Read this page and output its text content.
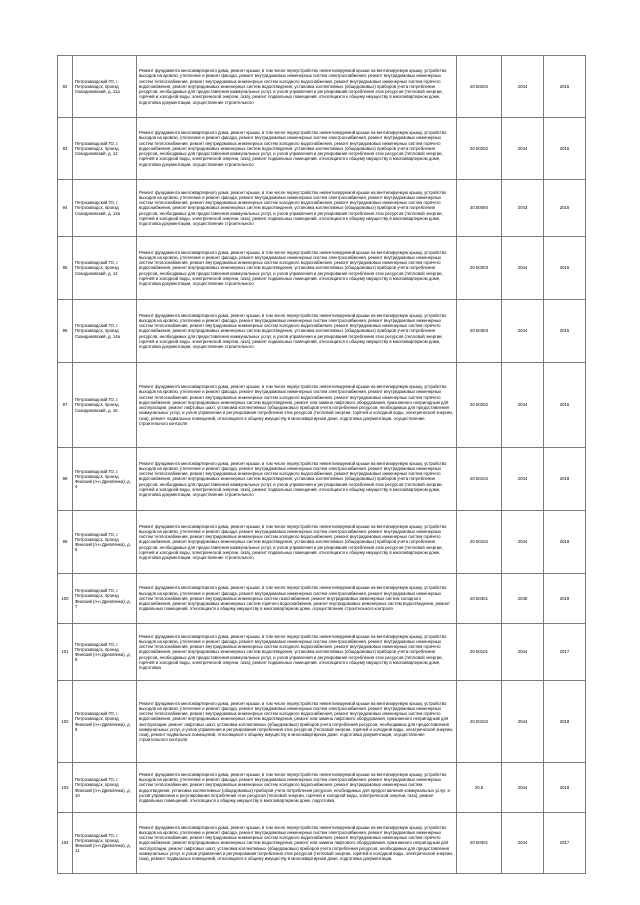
92	Петрозаводский ГО, г. Петрозаводск, проезд Скандинавский, д. 11а	Ремонт фундамента многоквартирного дома, ремонт крыши, в том числе переустройство невентилируемой крыши на вентилируемую крышу, устройство выходов на кровлю, утепление и ремонт фасада, ремонт внутридомовых инженерных систем электроснабжения, ремонт внутридомовых инженерных систем теплоснабжения, ремонт внутридомовых инженерных систем холодного водоснабжения, ремонт внутридомовых инженерных систем горячего водоснабжения, ремонт внутридомовых инженерных систем водоотведения, установка коллективных (общедомовых) приборов учета потребления ресурсов, необходимых для предоставления коммунальных услуг, и узлов управления и регулирования потребления этих ресурсов (тепловой энергии, горячей и холодной воды, электрической энергии, газа), ремонт подвальных помещений, относящихся к общему имуществу в многоквартирном доме, подготовка документации, осуществление строительного	20.50202	2044	2016
93	Петрозаводский ГО, г. Петрозаводск, проезд Скандинавский, д. 12	Ремонт фундамента многоквартирного дома, ремонт крыши, в том числе переустройство невентилируемой крыши на вентилируемую крышу, устройство выходов на кровлю, утепление и ремонт фасада, ремонт внутридомовых инженерных систем электроснабжения, ремонт внутридомовых инженерных систем теплоснабжения, ремонт внутридомовых инженерных систем холодного водоснабжения, ремонт внутридомовых инженерных систем горячего водоснабжения, ремонт внутридомовых инженерных систем водоотведения, установка коллективных (общедомовых) приборов учета потребления ресурсов, необходимых для предоставления коммунальных услуг, и узлов управления и регулирования потребления этих ресурсов (тепловой энергии, горячей и холодной воды, электрической энергии, газа), ремонт подвальных помещений, относящихся к общему имуществу в многоквартирном доме, подготовка документации, осуществление строительного	20.50202	2044	2016
94	Петрозаводский ГО, г. Петрозаводск, проезд Скандинавский, д. 12а	Ремонт фундамента многоквартирного дома, ремонт крыши, в том числе переустройство невентилируемой крыши на вентилируемую крышу, устройство выходов на кровлю, утепление и ремонт фасада, ремонт внутридомовых инженерных систем электроснабжения, ремонт внутридомовых инженерных систем теплоснабжения, ремонт внутридомовых инженерных систем холодного водоснабжения, ремонт внутридомовых инженерных систем горячего водоснабжения, ремонт внутридомовых инженерных систем водоотведения, установка коллективных (общедомовых) приборов учета потребления ресурсов, необходимых для предоставления коммунальных услуг, и узлов управления и регулирования потребления этих ресурсов (тепловой энергии, горячей и холодной воды, электрической энергии, газа), ремонт подвальных помещений, относящихся к общему имуществу в многоквартирном доме, подготовка документации, осуществление строительного	20.50094	2043	2016
95	Петрозаводский ГО, г. Петрозаводск, проезд Скандинавский, д. 14	Ремонт фундамента многоквартирного дома, ремонт крыши, в том числе переустройство невентилируемой крыши на вентилируемую крышу, устройство выходов на кровлю, утепление и ремонт фасада, ремонт внутридомовых инженерных систем электроснабжения, ремонт внутридомовых инженерных систем теплоснабжения, ремонт внутридомовых инженерных систем холодного водоснабжения, ремонт внутридомовых инженерных систем горячего водоснабжения, ремонт внутридомовых инженерных систем водоотведения, установка коллективных (общедомовых) приборов учета потребления ресурсов, необходимых для предоставления коммунальных услуг, и узлов управления и регулирования потребления этих ресурсов (тепловой энергии, горячей и холодной воды, электрической энергии, газа), ремонт подвальных помещений, относящихся к общему имуществу в многоквартирном доме, подготовка документации, осуществление строительного	20.50303	2044	2016
96	Петрозаводский ГО, г. Петрозаводск, проезд Скандинавский, д. 14а	Ремонт фундамента многоквартирного дома, ремонт крыши, в том числе переустройство невентилируемой крыши на вентилируемую крышу, устройство выходов на кровлю, утепление и ремонт фасада, ремонт внутридомовых инженерных систем электроснабжения, ремонт внутридомовых инженерных систем теплоснабжения, ремонт внутридомовых инженерных систем холодного водоснабжения, ремонт внутридомовых инженерных систем горячего водоснабжения, ремонт внутридомовых инженерных систем водоотведения, установка коллективных (общедомовых) приборов учета потребления ресурсов, необходимых для предоставления коммунальных услуг, и узлов управления и регулирования потребления этих ресурсов (тепловой энергии, горячей и холодной воды, электрической энергии, газа), ремонт подвальных помещений, относящихся к общему имуществу в многоквартирном доме, подготовка документации, осуществление строительного	20.50303	2044	2016
97	Петрозаводский ГО, г. Петрозаводск, проезд Скандинавский, д. 16	Ремонт фундамента многоквартирного дома, ремонт крыши, в том числе переустройство невентилируемой крыши на вентилируемую крышу, устройство выходов на кровлю, утепление и ремонт фасада, ремонт внутридомовых инженерных систем электроснабжения, ремонт внутридомовых инженерных систем теплоснабжения, ремонт внутридомовых инженерных систем холодного водоснабжения, ремонт внутридомовых инженерных систем горячего водоснабжения, ремонт внутридомовых инженерных систем водоотведения, ремонт или замена лифтового оборудования, признанного непригодным для эксплуатации, ремонт лифтовых шахт, установка коллективных (общедомовых) приборов учета потребления ресурсов, необходимых для предоставления коммунальных услуг, и узлов управления и регулирования потребления этих ресурсов (тепловой энергии, горячей и холодной воды, электрической энергии, газа), ремонт подвальных помещений, относящихся к общему имуществу в многоквартирном доме, подготовка документации, осуществление строительного контроля	20.50202	2044	2016
98	Петрозаводский ГО, г. Петрозаводск, проезд Финский (п-н Древлянка), д. 4	Ремонт фундамента многоквартирного дома, ремонт крыши, в том числе переустройство невентилируемой крыши на вентилируемую крышу, устройство выходов на кровлю, утепление и ремонт фасада, ремонт внутридомовых инженерных систем электроснабжения, ремонт внутридомовых инженерных систем теплоснабжения, ремонт внутридомовых инженерных систем холодного водоснабжения, ремонт внутридомовых инженерных систем горячего водоснабжения, ремонт внутридомовых инженерных систем водоотведения, установка коллективных (общедомовых) приборов учета потребления ресурсов, необходимых для предоставления коммунальных услуг, и узлов управления и регулирования потребления этих ресурсов (тепловой энергии, горячей и холодной воды, электрической энергии, газа), ремонт подвальных помещений, относящихся к общему имуществу в многоквартирном доме, подготовка документации, осуществление строительного	20.50102	2044	2018
99	Петрозаводский ГО, г. Петрозаводск, проезд Финский (п-н Древлянка), д. 6	Ремонт фундамента многоквартирного дома, ремонт крыши, в том числе переустройство невентилируемой крыши на вентилируемую крышу, устройство выходов на кровлю, утепление и ремонт фасада, ремонт внутридомовых инженерных систем электроснабжения, ремонт внутридомовых инженерных систем теплоснабжения, ремонт внутридомовых инженерных систем холодного водоснабжения, ремонт внутридомовых инженерных систем горячего водоснабжения, ремонт внутридомовых инженерных систем водоотведения, установка коллективных (общедомовых) приборов учета потребления ресурсов, необходимых для предоставления коммунальных услуг, и узлов управления и регулирования потребления этих ресурсов (тепловой энергии, горячей и холодной воды, электрической энергии, газа), ремонт подвальных помещений, относящихся к общему имуществу в многоквартирном доме, подготовка документации, осуществление строительного	20.50102	2044	2018
100	Петрозаводский ГО, г. Петрозаводск, проезд Финский (п-н Древлянка), д. 7	Ремонт фундамента многоквартирного дома, ремонт крыши, в том числе переустройство невентилируемой крыши на вентилируемую крышу, устройство выходов на кровлю, утепление и ремонт фасада, ремонт внутридомовых инженерных систем электроснабжения, ремонт внутридомовых инженерных систем теплоснабжения, ремонт внутридомовых инженерных систем газоснабжения, ремонт внутридомовых инженерных систем холодного водоснабжения, ремонт внутридомовых инженерных систем горячего водоснабжения, ремонт внутридомовых инженерных систем водоотведения, ремонт подвальных помещений, относящихся к общему имуществу в многоквартирном доме, осуществление строительного контроля	20.50301	2045	2019
101	Петрозаводский ГО, г. Петрозаводск, проезд Финский (п-н Древлянка), д. 8	Ремонт фундамента многоквартирного дома, ремонт крыши, в том числе переустройство невентилируемой крыши на вентилируемую крышу, устройство выходов на кровлю, утепление и ремонт фасада, ремонт внутридомовых инженерных систем электроснабжения, ремонт внутридомовых инженерных систем теплоснабжения, ремонт внутридомовых инженерных систем холодного водоснабжения, ремонт внутридомовых инженерных систем горячего водоснабжения, ремонт внутридомовых инженерных систем водоотведения, установка коллективных (общедомовых) приборов учета потребления ресурсов, необходимых для предоставления коммунальных услуг, и узлов управления и регулирования потребления этих ресурсов (тепловой энергии, горячей и холодной воды, электрической энергии, газа), ремонт подвальных помещений, относящихся к общему имуществу в многоквартирном доме, подготовка	20.50101	2044	2017
102	Петрозаводский ГО, г. Петрозаводск, проезд Финский (п-н Древлянка), д. 9	Ремонт фундамента многоквартирного дома, ремонт крыши, в том числе переустройство невентилируемой крыши на вентилируемую крышу, устройство выходов на кровлю, утепление и ремонт фасада, ремонт внутридомовых инженерных систем электроснабжения, ремонт внутридомовых инженерных систем теплоснабжения, ремонт внутридомовых инженерных систем холодного водоснабжения, ремонт внутридомовых инженерных систем горячего водоснабжения, ремонт внутридомовых инженерных систем водоотведения, ремонт или замена лифтового оборудования, признанного непригодным для эксплуатации, ремонт лифтовых шахт, установка коллективных (общедомовых) приборов учета потребления ресурсов, необходимых для предоставления коммунальных услуг, и узлов управления и регулирования потребления этих ресурсов (тепловой энергии, горячей и холодной воды, электрической энергии, газа), ремонт подвальных помещений, относящихся к общему имуществу в многоквартирном доме, подготовка документации, осуществление строительного контроля	20.50102	2044	2018
103	Петрозаводский ГО, г. Петрозаводск, проезд Финский (п-н Древлянка), д. 10	Ремонт фундамента многоквартирного дома, ремонт крыши, в том числе переустройство невентилируемой крыши на вентилируемую крышу, устройство выходов на кровлю, утепление и ремонт фасада, ремонт внутридомовых инженерных систем электроснабжения, ремонт внутридомовых инженерных систем теплоснабжения, ремонт внутридомовых инженерных систем холодного водоснабжения, ремонт внутридомовых инженерных систем водоотведения, установка коллективных (общедомовых) приборов учета потребления ресурсов, необходимых для предоставления коммунальных услуг, и узлов управления и регулирования потребления этих ресурсов (тепловой энергии, горячей и холодной воды, электрической энергии, газа), ремонт подвальных помещений, относящихся к общему имуществу в многоквартирном доме, подготовка	20.5	2044	2018
104	Петрозаводский ГО, г. Петрозаводск, проезд Финский (п-н Древлянка), д. 11	Ремонт фундамента многоквартирного дома, ремонт крыши, в том числе переустройство невентилируемой крыши на вентилируемую крышу, устройство выходов на кровлю, утепление и ремонт фасада, ремонт внутридомовых инженерных систем электроснабжения, ремонт внутридомовых инженерных систем теплоснабжения, ремонт внутридомовых инженерных систем холодного водоснабжения, ремонт внутридомовых инженерных систем горячего водоснабжения, ремонт внутридомовых инженерных систем водоотведения, ремонт или замена лифтового оборудования, признанного непригодным для эксплуатации, ремонт лифтовых шахт, установка коллективных (общедомовых) приборов учета потребления ресурсов, необходимых для предоставления коммунальных услуг, и узлов управления и регулирования потребления этих ресурсов (тепловой энергии, горячей и холодной воды, электрической энергии, газа), ремонт подвальных помещений, относящихся к общему имуществу в многоквартирном доме, подготовка документации,	20.50301	2044	2017
